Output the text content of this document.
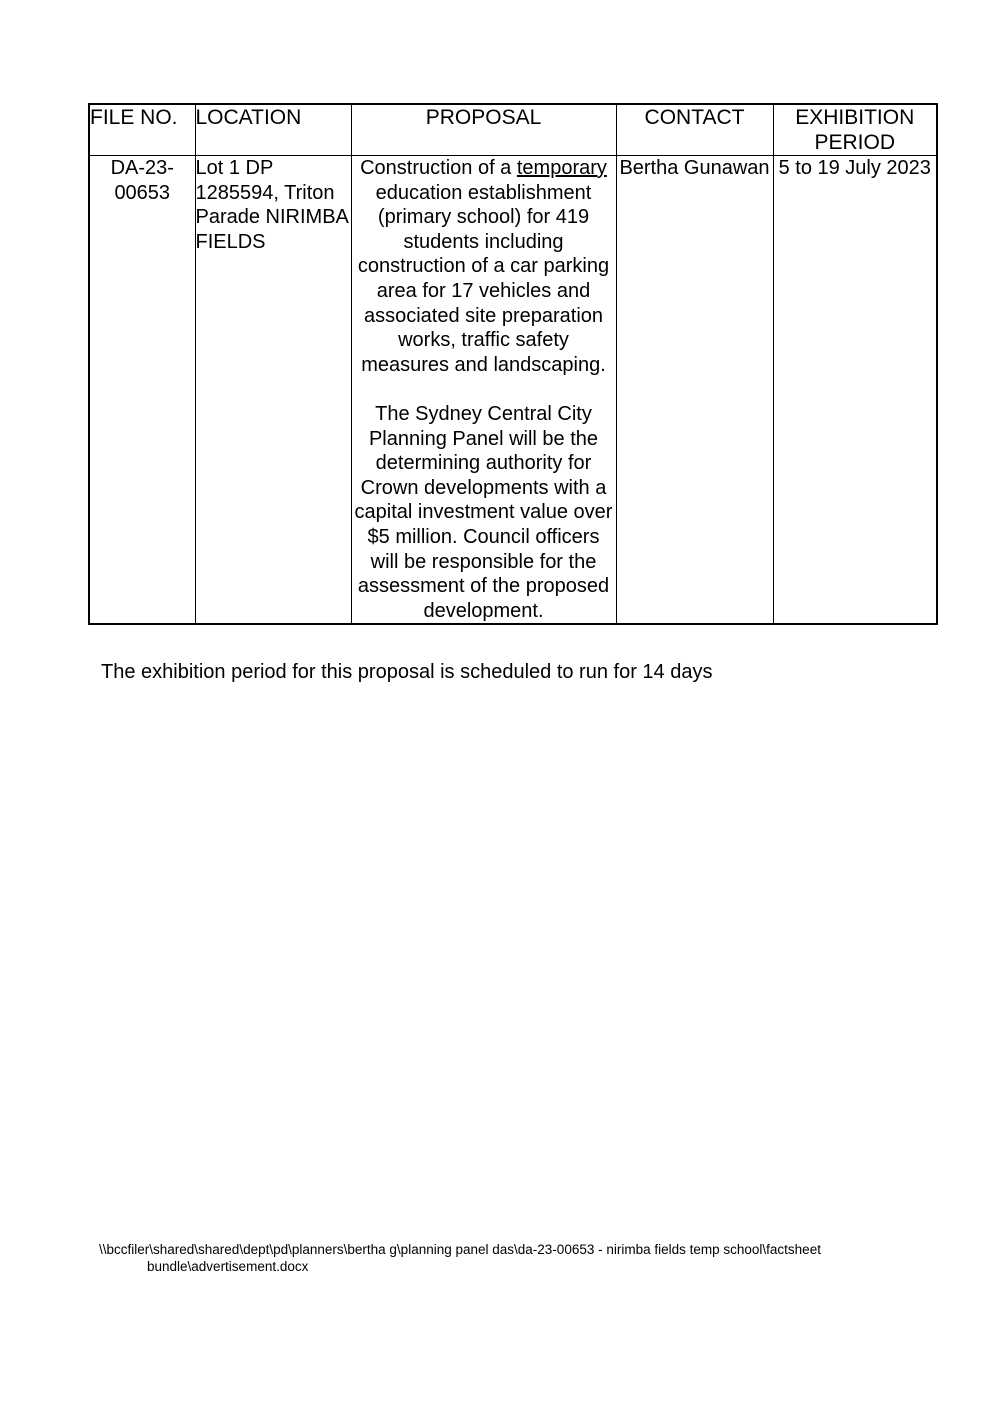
FILE NO.	LOCATION	PROPOSAL	CONTACT	EXHIBITION
PERIOD
DA-23-00653	Lot 1 DP 1285594, Triton Parade NIRIMBA FIELDS	Construction of a temporary education establishment (primary school) for 419 students including construction of a car parking area for 17 vehicles and associated site preparation works, traffic safety measures and landscaping.

The Sydney Central City Planning Panel will be the determining authority for Crown developments with a capital investment value over $5 million. Council officers will be responsible for the assessment of the proposed development.	Bertha Gunawan	5 to 19 July 2023
The exhibition period for this proposal is scheduled to run for 14 days
\\bccfiler\shared\shared\dept\pd\planners\bertha g\planning panel das\da-23-00653 - nirimba fields temp school\factsheet
bundle\advertisement.docx
